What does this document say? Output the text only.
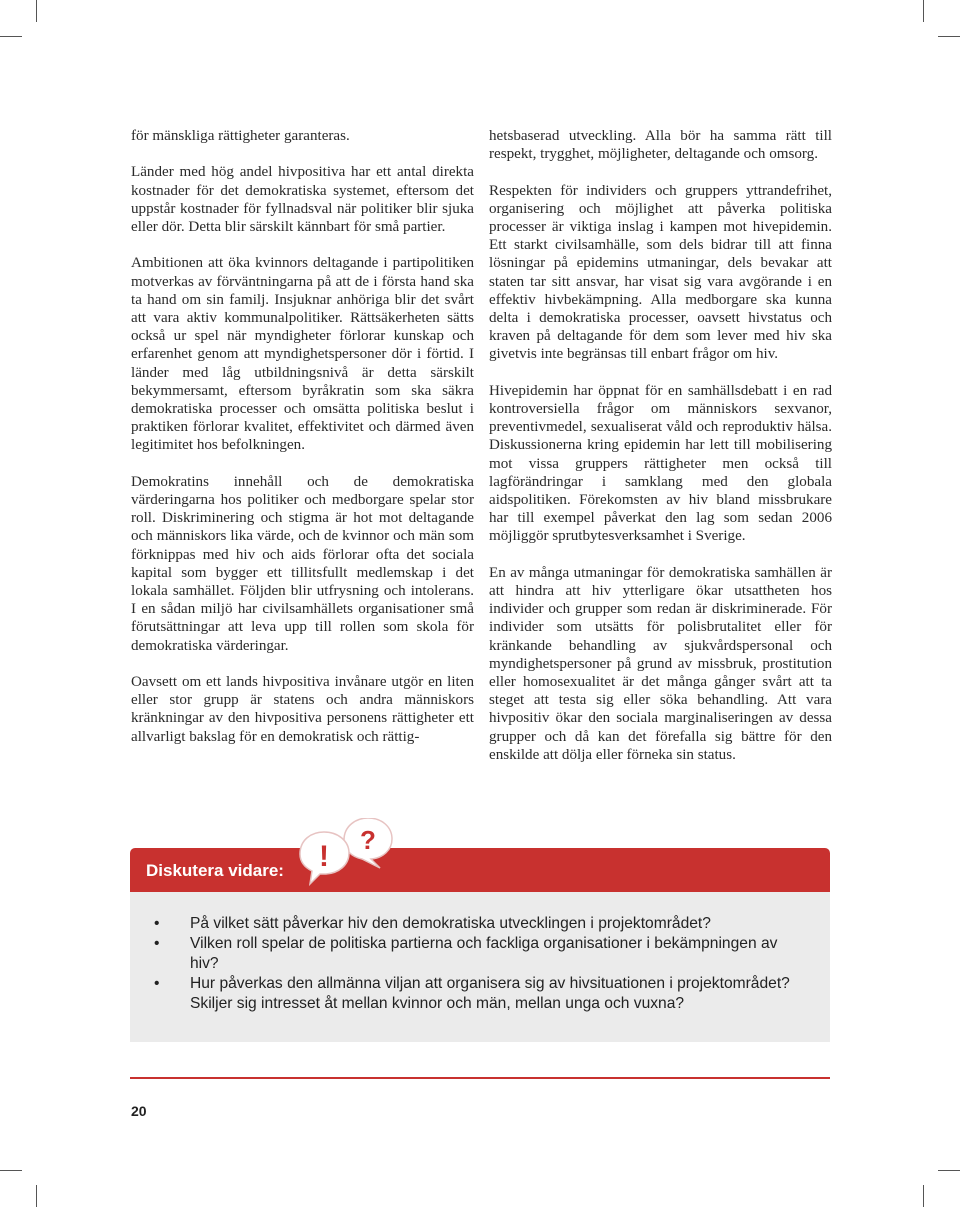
för mänskliga rättigheter garanteras.

Länder med hög andel hivpositiva har ett antal direkta kostnader för det demokratiska systemet, eftersom det uppstår kostnader för fyllnadsval när politiker blir sjuka eller dör. Detta blir särskilt kännbart för små partier.

Ambitionen att öka kvinnors deltagande i partipolitiken motverkas av förväntningarna på att de i första hand ska ta hand om sin familj. Insjuknar anhöriga blir det svårt att vara aktiv kommunalpolitiker. Rättsäkerheten sätts också ur spel när myndigheter förlorar kunskap och erfarenhet genom att myndighetspersoner dör i förtid. I länder med låg utbildningsnivå är detta särskilt bekymmersamt, eftersom byråkratin som ska säkra demokratiska processer och omsätta politiska beslut i praktiken förlorar kvalitet, effektivitet och därmed även legitimitet hos befolkningen.

Demokratins innehåll och de demokratiska värderingarna hos politiker och medborgare spelar stor roll. Diskriminering och stigma är hot mot deltagande och människors lika värde, och de kvinnor och män som förknippas med hiv och aids förlorar ofta det sociala kapital som bygger ett tillitsfullt medlemskap i det lokala samhället. Följden blir utfrysning och intolerans. I en sådan miljö har civilsamhällets organisationer små förutsättningar att leva upp till rollen som skola för demokratiska värderingar.

Oavsett om ett lands hivpositiva invånare utgör en liten eller stor grupp är statens och andra människors kränkningar av den hivpositiva personens rättigheter ett allvarligt bakslag för en demokratisk och rättig-

hetsbaserad utveckling. Alla bör ha samma rätt till respekt, trygghet, möjligheter, deltagande och omsorg.

Respekten för individers och gruppers yttrandefrihet, organisering och möjlighet att påverka politiska processer är viktiga inslag i kampen mot hivepidemin. Ett starkt civilsamhälle, som dels bidrar till att finna lösningar på epidemins utmaningar, dels bevakar att staten tar sitt ansvar, har visat sig vara avgörande i en effektiv hivbekämpning. Alla medborgare ska kunna delta i demokratiska processer, oavsett hivstatus och kraven på deltagande för dem som lever med hiv ska givetvis inte begränsas till enbart frågor om hiv.

Hivepidemin har öppnat för en samhällsdebatt i en rad kontroversiella frågor om människors sexvanor, preventivmedel, sexualiserat våld och reproduktiv hälsa. Diskussionerna kring epidemin har lett till mobilisering mot vissa gruppers rättigheter men också till lagförändringar i samklang med den globala aidspolitiken. Förekomsten av hiv bland missbrukare har till exempel påverkat den lag som sedan 2006 möjliggör sprutbytesverksamhet i Sverige.

En av många utmaningar för demokratiska samhällen är att hindra att hiv ytterligare ökar utsattheten hos individer och grupper som redan är diskriminerade. För individer som utsätts för polisbrutalitet eller för kränkande behandling av sjukvårdspersonal och myndighetspersoner på grund av missbruk, prostitution eller homosexualitet är det många gånger svårt att ta steget att testa sig eller söka behandling. Att vara hivpositiv ökar den sociala marginaliseringen av dessa grupper och då kan det förefalla sig bättre för den enskilde att dölja eller förneka sin status.

Diskutera vidare: ! ?
• På vilket sätt påverkar hiv den demokratiska utvecklingen i projektområdet?
• Vilken roll spelar de politiska partierna och fackliga organisationer i bekämpningen av hiv?
• Hur påverkas den allmänna viljan att organisera sig av hivsituationen i projektområdet? Skiljer sig intresset åt mellan kvinnor och män, mellan unga och vuxna?
20
